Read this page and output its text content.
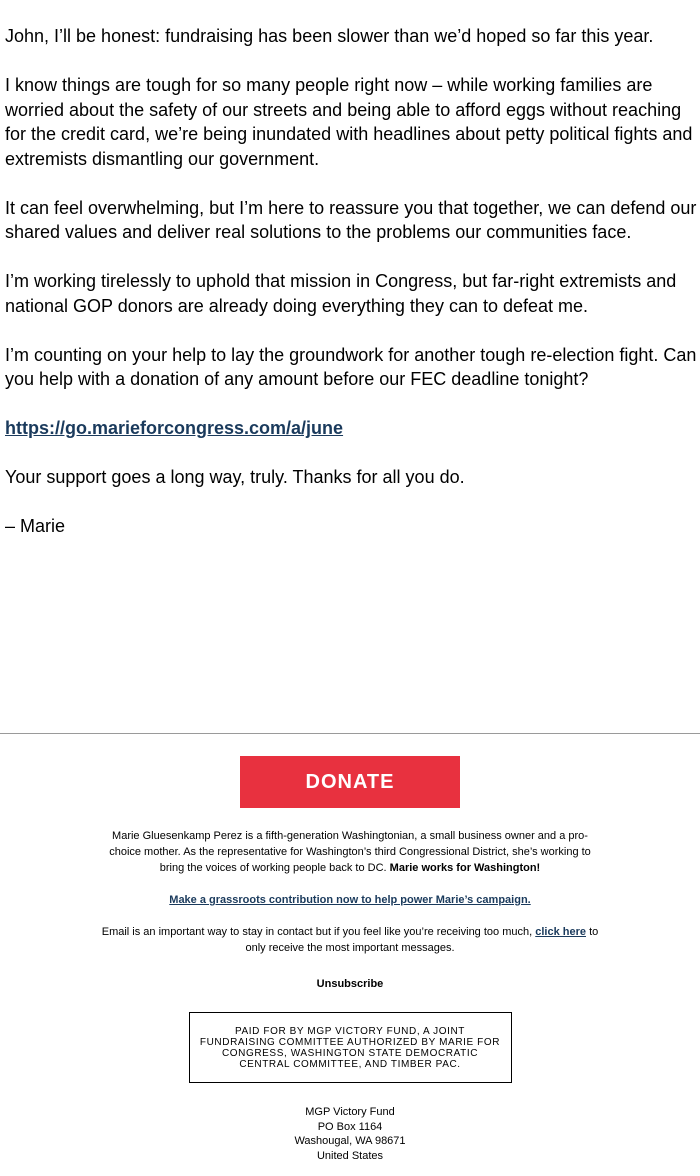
John, I’ll be honest: fundraising has been slower than we’d hoped so far this year.

I know things are tough for so many people right now – while working families are worried about the safety of our streets and being able to afford eggs without reaching for the credit card, we’re being inundated with headlines about petty political fights and extremists dismantling our government.

It can feel overwhelming, but I’m here to reassure you that together, we can defend our shared values and deliver real solutions to the problems our communities face.

I’m working tirelessly to uphold that mission in Congress, but far-right extremists and national GOP donors are already doing everything they can to defeat me.

I’m counting on your help to lay the groundwork for another tough re-election fight. Can you help with a donation of any amount before our FEC deadline tonight?

https://go.marieforcongress.com/a/june

Your support goes a long way, truly. Thanks for all you do.

– Marie

DONATE
Marie Gluesenkamp Perez is a fifth-generation Washingtonian, a small business owner and a pro-choice mother. As the representative for Washington’s third Congressional District, she’s working to bring the voices of working people back to DC. Marie works for Washington!
Make a grassroots contribution now to help power Marie’s campaign.
Email is an important way to stay in contact but if you feel like you’re receiving too much, click here to only receive the most important messages.
Unsubscribe
PAID FOR BY MGP VICTORY FUND, A JOINT FUNDRAISING COMMITTEE AUTHORIZED BY MARIE FOR CONGRESS, WASHINGTON STATE DEMOCRATIC CENTRAL COMMITTEE, AND TIMBER PAC.
MGP Victory Fund
PO Box 1164
Washougal, WA 98671
United States
